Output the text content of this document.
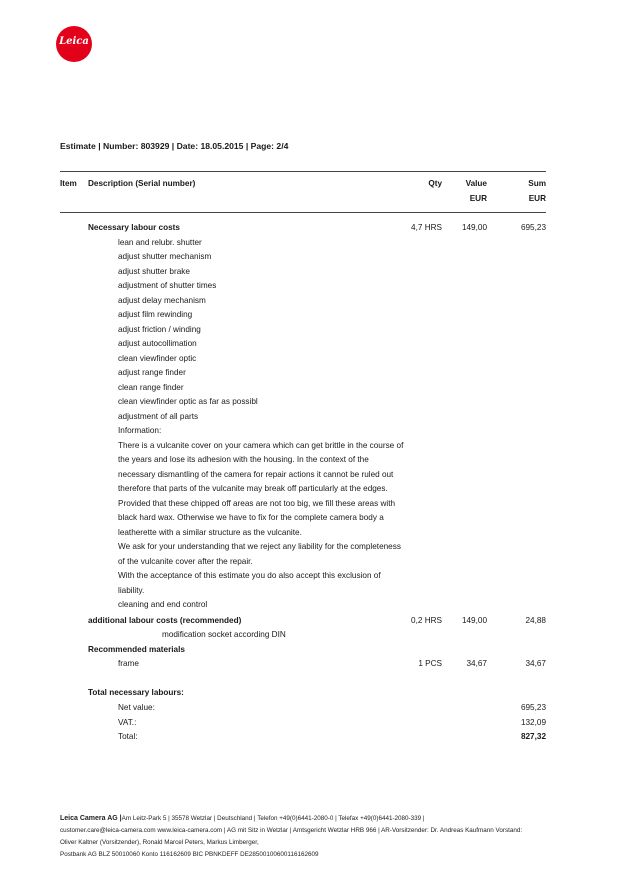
Leica
Estimate | Number: 803929 | Date: 18.05.2015 | Page: 2/4
Item Description (Serial number)	Qty	Value	Sum
EUR	EUR
Necessary labour costs	4,7 HRS	149,00	695,23
lean and relubr. shutter
adjust shutter mechanism
adjust shutter brake
adjustment of shutter times
adjust delay mechanism
adjust film rewinding
adjust friction / winding
adjust autocollimation
clean viewfinder optic
adjust range finder
clean range finder
clean viewfinder optic as far as possibl
adjustment of all parts
Information:
There is a vulcanite cover on your camera which can get brittle in the course of
the years and lose its adhesion with the housing. In the context of the
necessary dismantling of the camera for repair actions it cannot be ruled out
therefore that parts of the vulcanite may break off particularly at the edges.
Provided that these chipped off areas are not too big, we fill these areas with
black hard wax. Otherwise we have to fix for the complete camera body a
leatherette with a similar structure as the vulcanite.
We ask for your understanding that we reject any liability for the completeness
of the vulcanite cover after the repair.
With the acceptance of this estimate you do also accept this exclusion of
liability.
cleaning and end control
additional labour costs (recommended)	0,2 HRS	149,00	24,88
modification socket according DIN
Recommended materials
frame	1 PCS	34,67	34,67
Total necessary labours:
Net value:	695,23
VAT.:	132,09
Total:	827,32
Leica Camera AG |Am Leitz-Park 5 | 35578 Wetzlar | Deutschland | Telefon +49(0)6441-2080-0 | Telefax +49(0)6441-2080-339 |
customer.care@leica-camera.com www.leica-camera.com | AG mit Sitz in Wetzlar | Amtsgericht Wetzlar HRB 966 | AR-Vorsitzender: Dr. Andreas Kaufmann Vorstand:
Oliver Kaltner (Vorsitzender), Ronald Marcel Peters, Markus Limberger,
Postbank AG BLZ 50010060 Konto 116162609 BIC PBNKDEFF DE28500100600116162609
